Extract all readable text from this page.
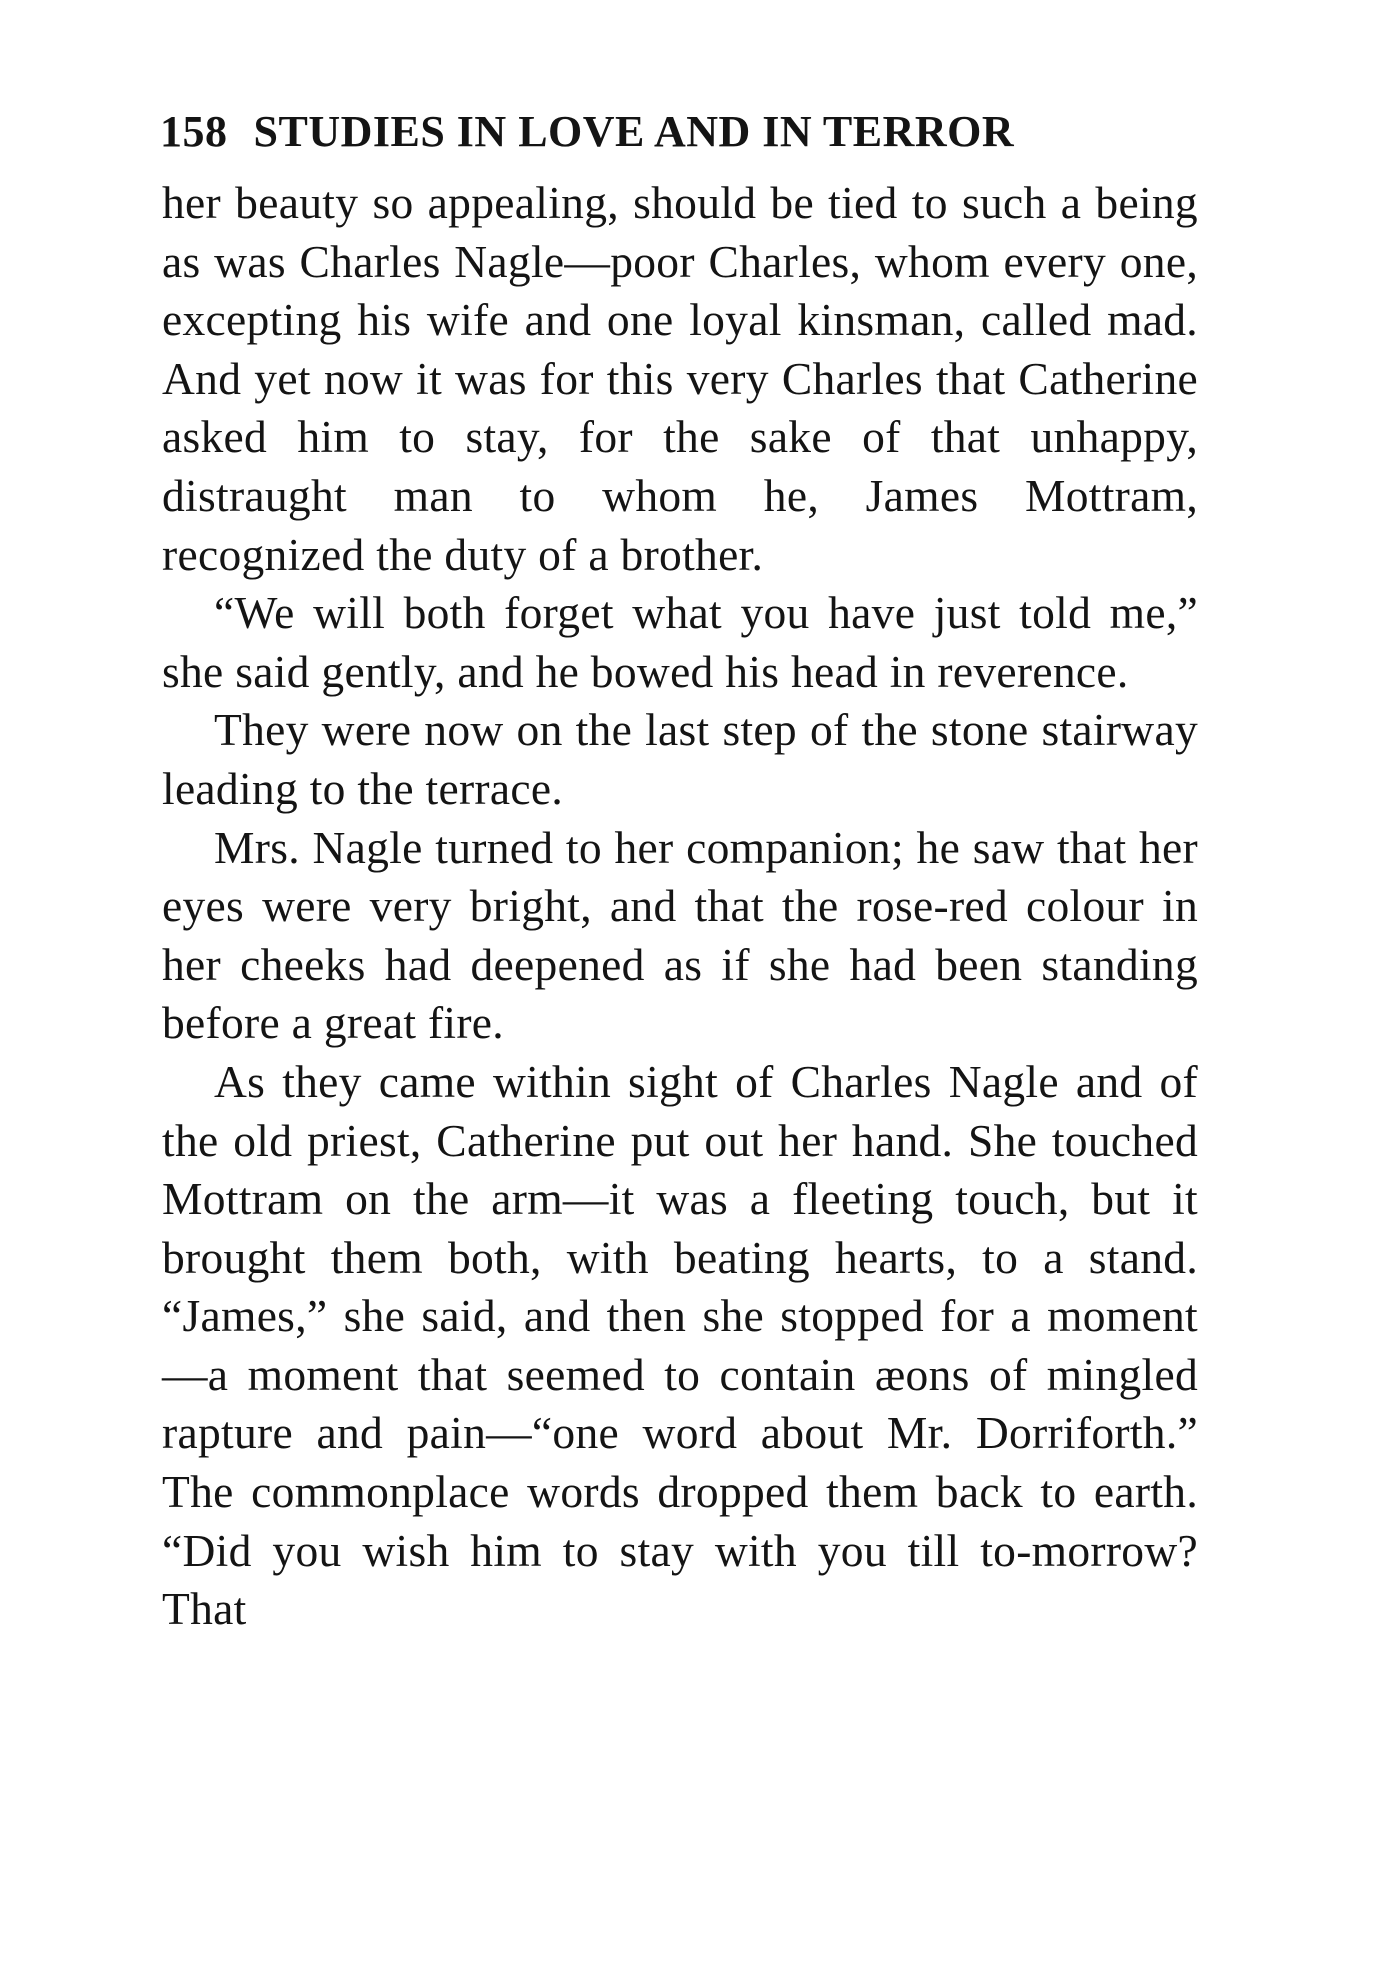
158 STUDIES IN LOVE AND IN TERROR

her beauty so appealing, should be tied to such a being as was Charles Nagle—poor Charles, whom every one, excepting his wife and one loyal kinsman, called mad. And yet now it was for this very Charles that Catherine asked him to stay, for the sake of that unhappy, distraught man to whom he, James Mottram, recognized the duty of a brother.

“We will both forget what you have just told me,” she said gently, and he bowed his head in reverence.

They were now on the last step of the stone stairway leading to the terrace.

Mrs. Nagle turned to her companion; he saw that her eyes were very bright, and that the rose-red colour in her cheeks had deepened as if she had been standing before a great fire.

As they came within sight of Charles Nagle and of the old priest, Catherine put out her hand. She touched Mottram on the arm—it was a fleeting touch, but it brought them both, with beating hearts, to a stand. “James,” she said, and then she stopped for a moment —a moment that seemed to contain æons of mingled rapture and pain—“one word about Mr. Dorriforth.” The commonplace words dropped them back to earth. “Did you wish him to stay with you till to-morrow? That
